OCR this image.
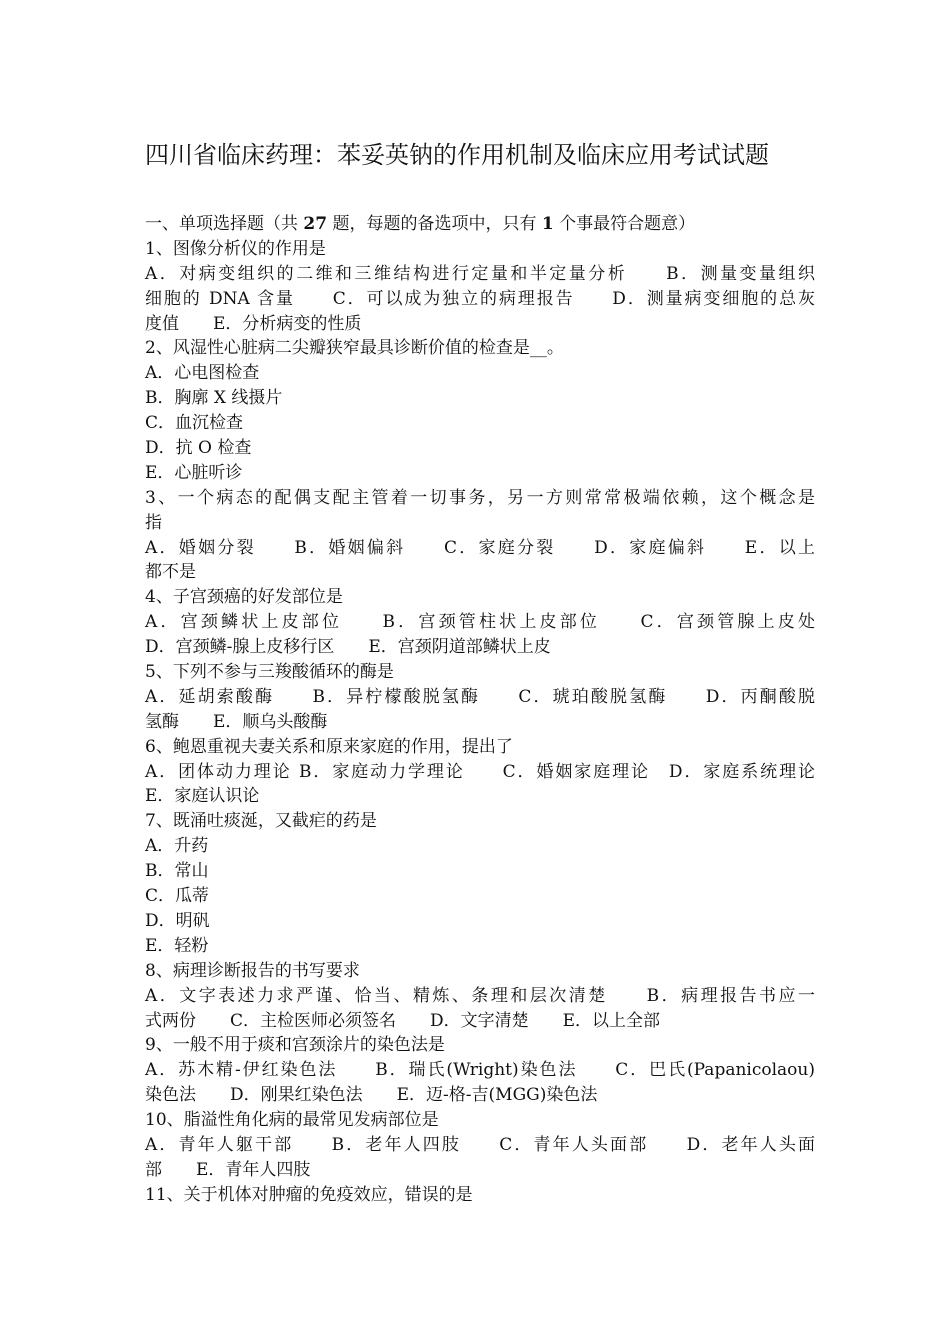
四川省临床药理：苯妥英钠的作用机制及临床应用考试试题
一、单项选择题（共 27 题，每题的备选项中，只有 1 个事最符合题意）
1、图像分析仪的作用是
A．对病变组织的二维和三维结构进行定量和半定量分析　　B．测量变量组织
细胞的 DNA 含量　　C．可以成为独立的病理报告　　D．测量病变细胞的总灰
度值　　E．分析病变的性质
2、风湿性心脏病二尖瓣狭窄最具诊断价值的检查是__。
A．心电图检查
B．胸廓 X 线摄片
C．血沉检查
D．抗 O 检查
E．心脏听诊
3、一个病态的配偶支配主管着一切事务，另一方则常常极端依赖，这个概念是
指
A．婚姻分裂　　B．婚姻偏斜　　C．家庭分裂　　D．家庭偏斜　　E．以上
都不是
4、子宫颈癌的好发部位是
A．宫颈鳞状上皮部位　　B．宫颈管柱状上皮部位　　C．宫颈管腺上皮处
D．宫颈鳞-腺上皮移行区　　E．宫颈阴道部鳞状上皮
5、下列不参与三羧酸循环的酶是
A．延胡索酸酶　　B．异柠檬酸脱氢酶　　C．琥珀酸脱氢酶　　D．丙酮酸脱
氢酶　　E．顺乌头酸酶
6、鲍恩重视夫妻关系和原来家庭的作用，提出了
A．团体动力理论 B．家庭动力学理论　　C．婚姻家庭理论　D．家庭系统理论
E．家庭认识论
7、既涌吐痰涎，又截疟的药是
A．升药
B．常山
C．瓜蒂
D．明矾
E．轻粉
8、病理诊断报告的书写要求
A．文字表述力求严谨、恰当、精炼、条理和层次清楚　　B．病理报告书应一
式两份　　C．主检医师必须签名　　D．文字清楚　　E．以上全部
9、一般不用于痰和宫颈涂片的染色法是
A．苏木精-伊红染色法　　B．瑞氏(Wright)染色法　　C．巴氏(Papanicolaou)
染色法　　D．刚果红染色法　　E．迈-格-吉(MGG)染色法
10、脂溢性角化病的最常见发病部位是
A．青年人躯干部　　B．老年人四肢　　C．青年人头面部　　D．老年人头面
部　　E．青年人四肢
11、关于机体对肿瘤的免疫效应，错误的是
